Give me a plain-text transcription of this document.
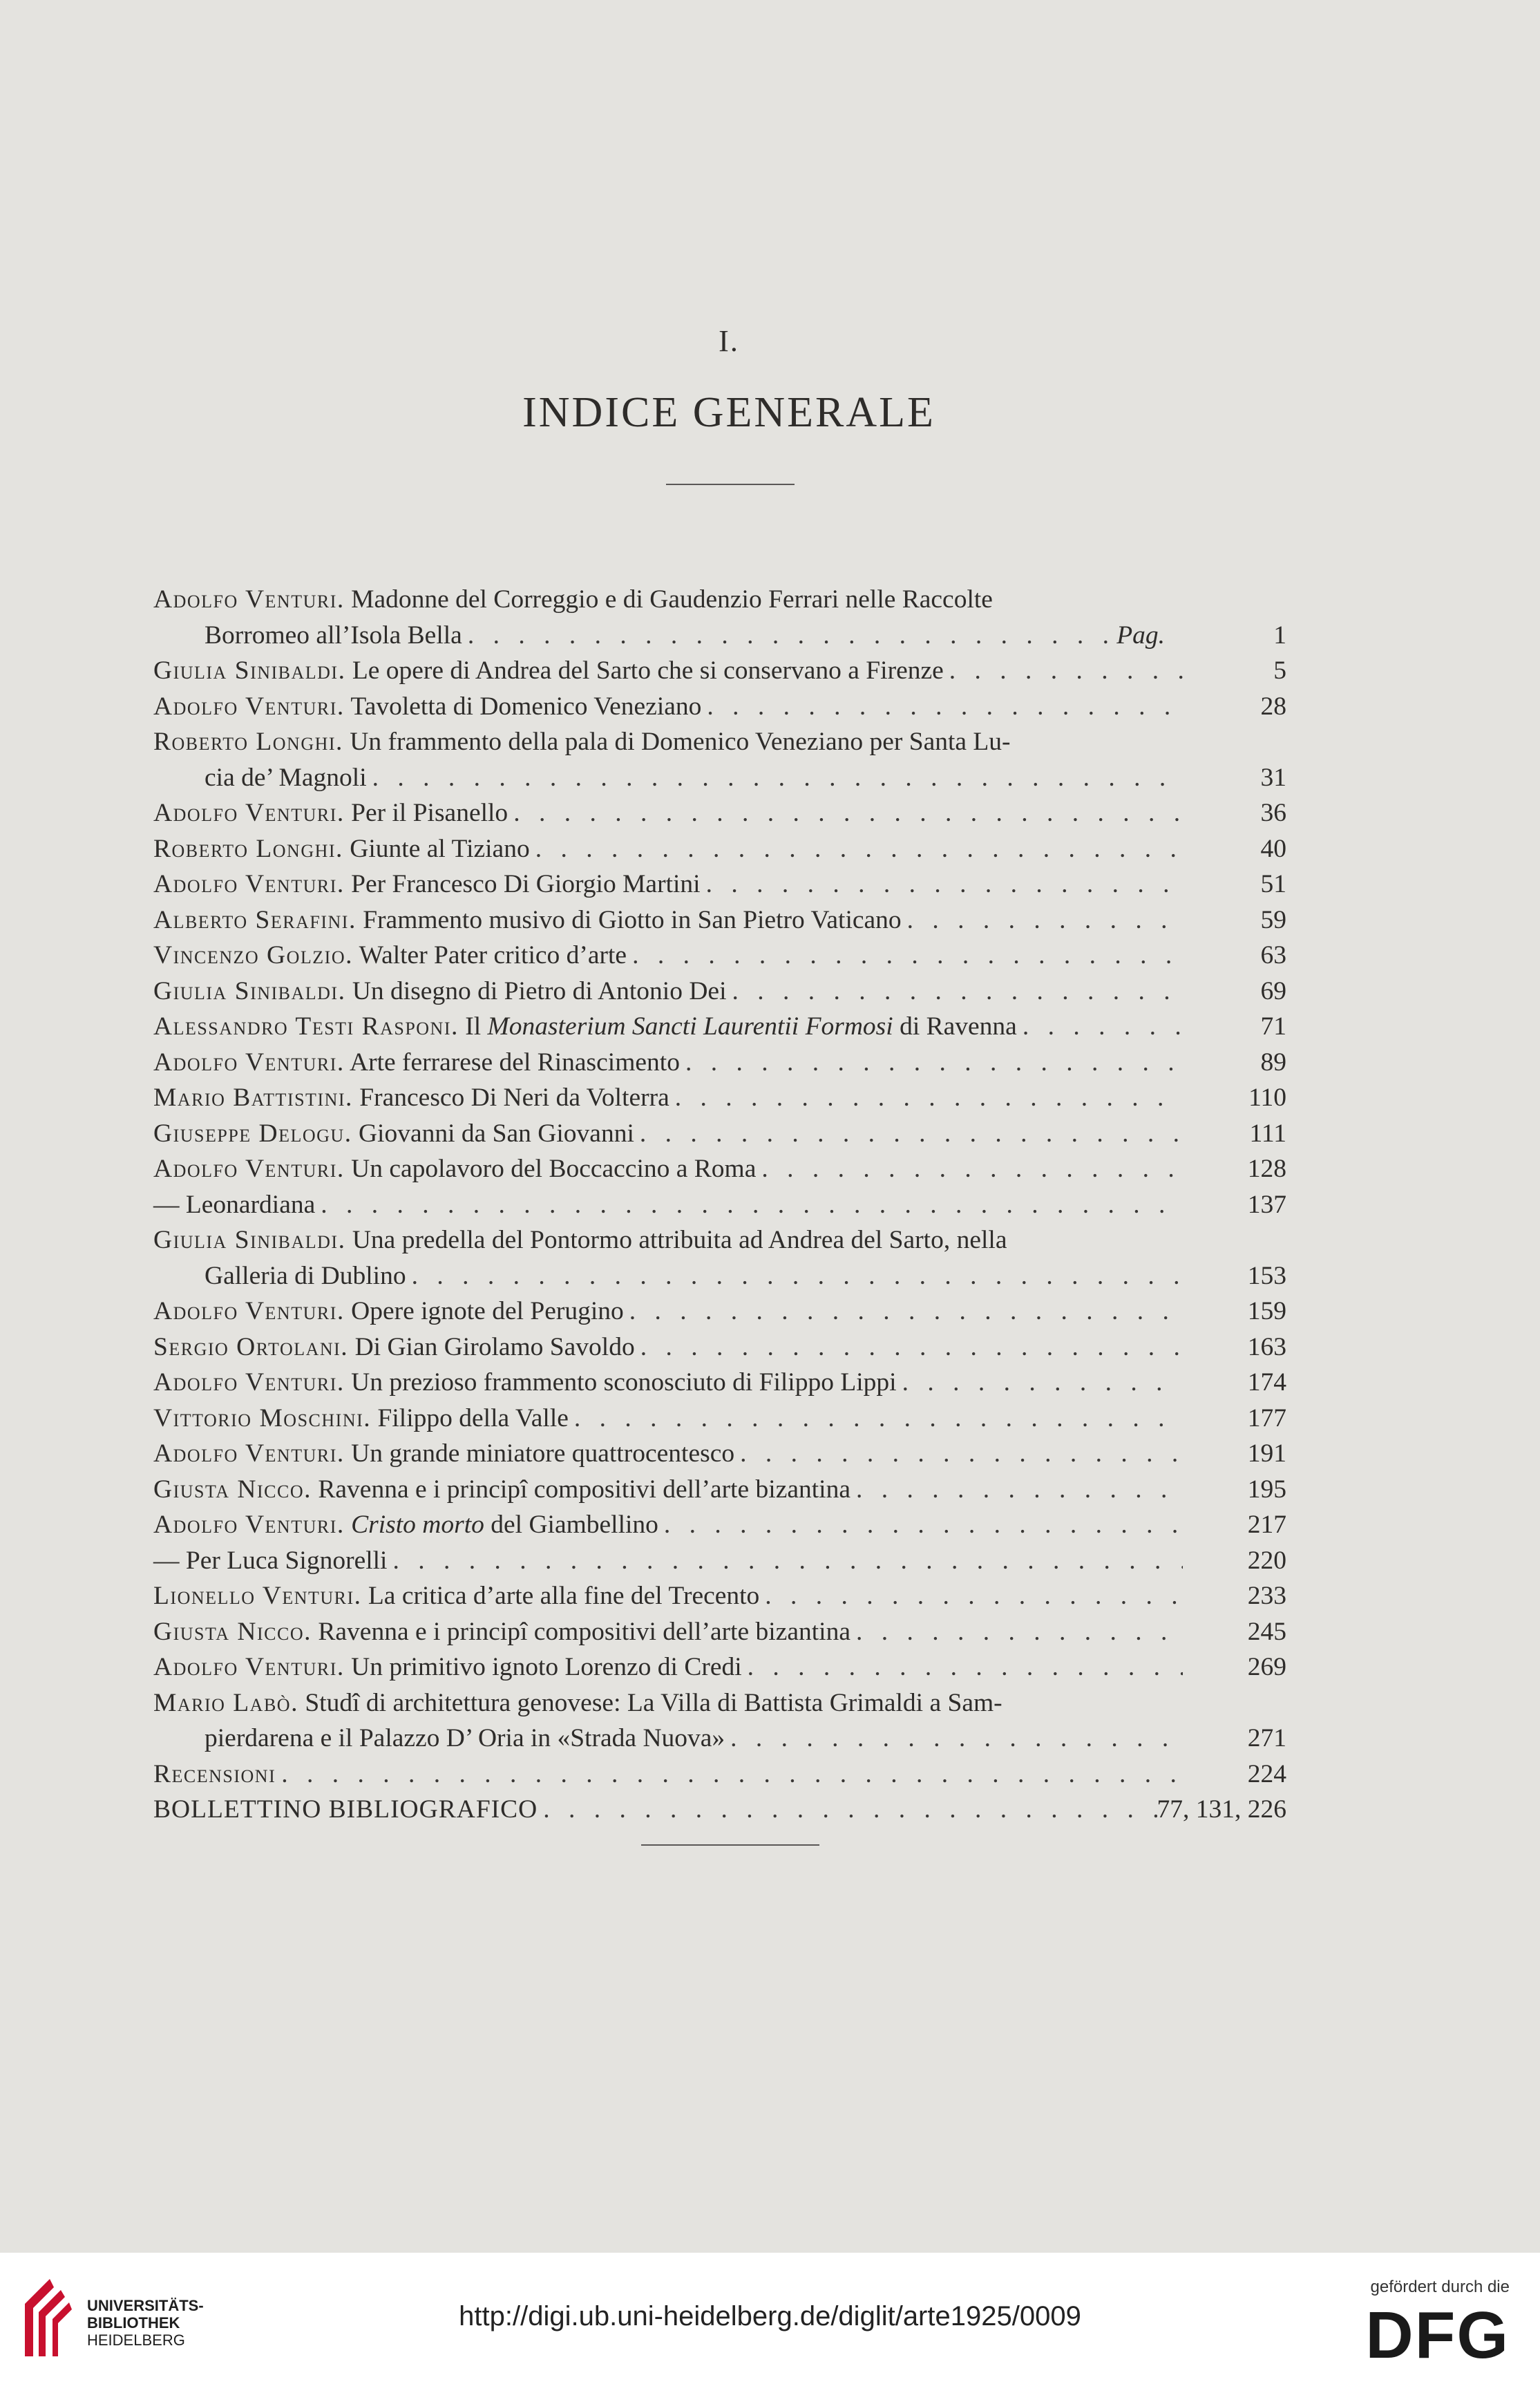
I.
INDICE GENERALE
Adolfo Venturi. Madonne del Correggio e di Gaudenzio Ferrari nelle Raccolte
Borromeo all’Isola Bella . . .	Pag.	1
Giulia Sinibaldi. Le opere di Andrea del Sarto che si conservano a Firenze . . .	5
Adolfo Venturi. Tavoletta di Domenico Veneziano . . .	28
Roberto Longhi. Un frammento della pala di Domenico Veneziano per Santa Lu-
cia de’ Magnoli . . .	31
Adolfo Venturi. Per il Pisanello . . .	36
Roberto Longhi. Giunte al Tiziano . . .	40
Adolfo Venturi. Per Francesco Di Giorgio Martini . . .	51
Alberto Serafini. Frammento musivo di Giotto in San Pietro Vaticano . . .	59
Vincenzo Golzio. Walter Pater critico d’arte . . .	63
Giulia Sinibaldi. Un disegno di Pietro di Antonio Dei . . .	69
Alessandro Testi Rasponi. Il Monasterium Sancti Laurentii Formosi di Ravenna . . .	71
Adolfo Venturi. Arte ferrarese del Rinascimento . . .	89
Mario Battistini. Francesco Di Neri da Volterra . . .	110
Giuseppe Delogu. Giovanni da San Giovanni . . .	111
Adolfo Venturi. Un capolavoro del Boccaccino a Roma . . .	128
— Leonardiana . . .	137
Giulia Sinibaldi. Una predella del Pontormo attribuita ad Andrea del Sarto, nella
Galleria di Dublino . . .	153
Adolfo Venturi. Opere ignote del Perugino . . .	159
Sergio Ortolani. Di Gian Girolamo Savoldo . . .	163
Adolfo Venturi. Un prezioso frammento sconosciuto di Filippo Lippi . . .	174
Vittorio Moschini. Filippo della Valle . . .	177
Adolfo Venturi. Un grande miniatore quattrocentesco . . .	191
Giusta Nicco. Ravenna e i principî compositivi dell’arte bizantina . . .	195
Adolfo Venturi. Cristo morto del Giambellino . . .	217
— Per Luca Signorelli . . .	220
Lionello Venturi. La critica d’arte alla fine del Trecento . . .	233
Giusta Nicco. Ravenna e i principî compositivi dell’arte bizantina . . .	245
Adolfo Venturi. Un primitivo ignoto Lorenzo di Credi . . .	269
Mario Labò. Studî di architettura genovese: La Villa di Battista Grimaldi a Sam-
pierdarena e il Palazzo D’ Oria in «Strada Nuova» . . .	271
Recensioni . . .	224
BOLLETTINO BIBLIOGRAFICO . . .	77, 131, 226
UNIVERSITÄTS-
BIBLIOTHEK
HEIDELBERG
http://digi.ub.uni-heidelberg.de/diglit/arte1925/0009
gefördert durch die
DFG
